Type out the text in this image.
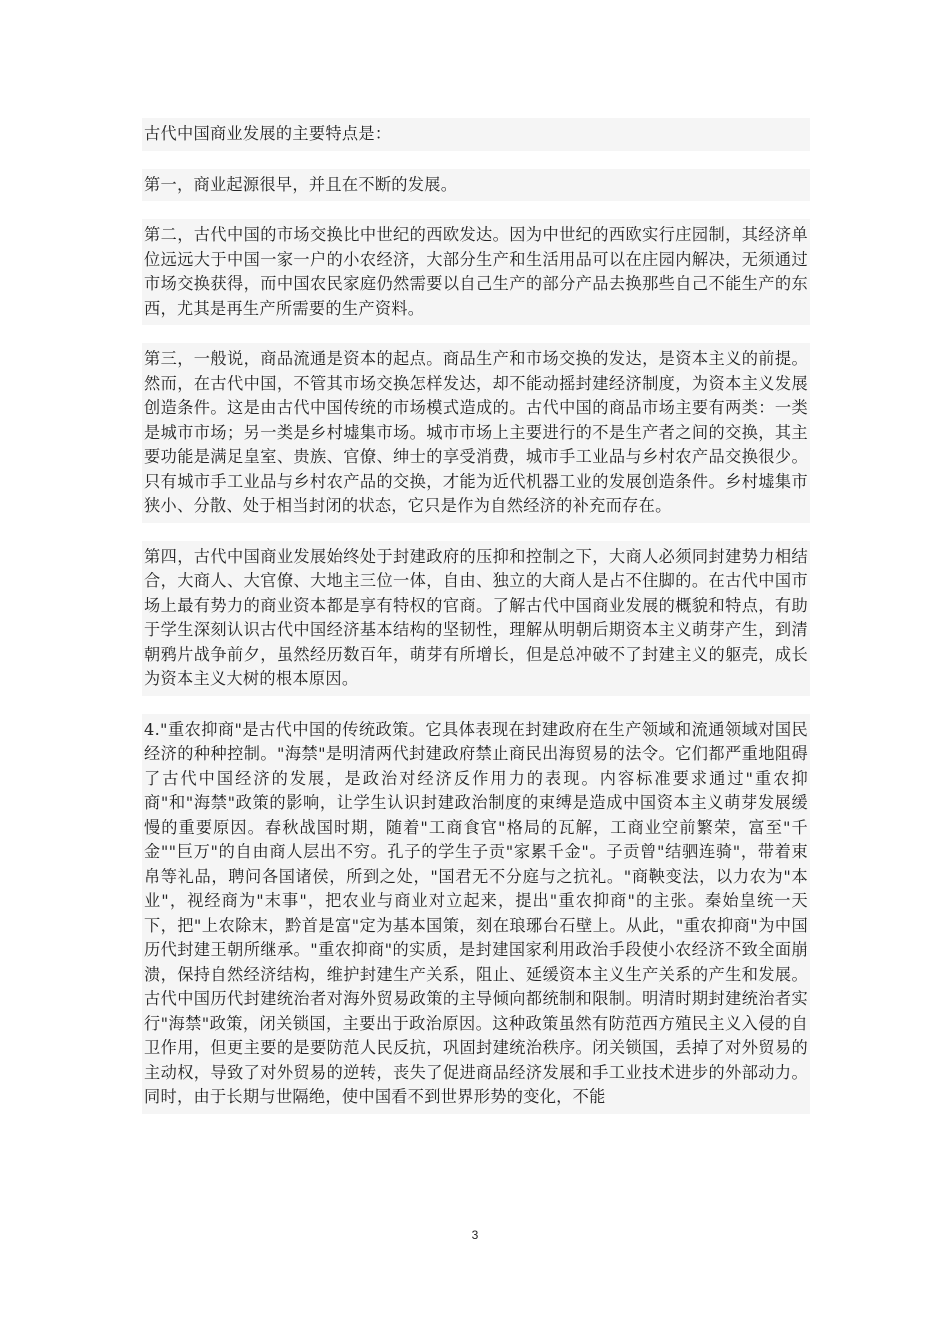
古代中国商业发展的主要特点是：

第一，商业起源很早，并且在不断的发展。

第二，古代中国的市场交换比中世纪的西欧发达。因为中世纪的西欧实行庄园制，其经济单位远远大于中国一家一户的小农经济，大部分生产和生活用品可以在庄园内解决，无须通过市场交换获得，而中国农民家庭仍然需要以自己生产的部分产品去换那些自己不能生产的东西，尤其是再生产所需要的生产资料。

第三，一般说，商品流通是资本的起点。商品生产和市场交换的发达，是资本主义的前提。然而，在古代中国，不管其市场交换怎样发达，却不能动摇封建经济制度，为资本主义发展创造条件。这是由古代中国传统的市场模式造成的。古代中国的商品市场主要有两类：一类是城市市场；另一类是乡村墟集市场。城市市场上主要进行的不是生产者之间的交换，其主要功能是满足皇室、贵族、官僚、绅士的享受消费，城市手工业品与乡村农产品交换很少。只有城市手工业品与乡村农产品的交换，才能为近代机器工业的发展创造条件。乡村墟集市狭小、分散、处于相当封闭的状态，它只是作为自然经济的补充而存在。

第四，古代中国商业发展始终处于封建政府的压抑和控制之下，大商人必须同封建势力相结合，大商人、大官僚、大地主三位一体，自由、独立的大商人是占不住脚的。在古代中国市场上最有势力的商业资本都是享有特权的官商。了解古代中国商业发展的概貌和特点，有助于学生深刻认识古代中国经济基本结构的坚韧性，理解从明朝后期资本主义萌芽产生，到清朝鸦片战争前夕，虽然经历数百年，萌芽有所增长，但是总冲破不了封建主义的躯壳，成长为资本主义大树的根本原因。

4."重农抑商"是古代中国的传统政策。它具体表现在封建政府在生产领域和流通领域对国民经济的种种控制。"海禁"是明清两代封建政府禁止商民出海贸易的法令。它们都严重地阻碍了古代中国经济的发展，是政治对经济反作用力的表现。内容标准要求通过"重农抑商"和"海禁"政策的影响，让学生认识封建政治制度的束缚是造成中国资本主义萌芽发展缓慢的重要原因。春秋战国时期，随着"工商食官"格局的瓦解，工商业空前繁荣，富至"千金""巨万"的自由商人层出不穷。孔子的学生子贡"家累千金"。子贡曾"结驷连骑"，带着束帛等礼品，聘问各国诸侯，所到之处，"国君无不分庭与之抗礼。"商鞅变法，以力农为"本业"，视经商为"末事"，把农业与商业对立起来，提出"重农抑商"的主张。秦始皇统一天下，把"上农除末，黔首是富"定为基本国策，刻在琅琊台石壁上。从此，"重农抑商"为中国历代封建王朝所继承。"重农抑商"的实质，是封建国家利用政治手段使小农经济不致全面崩溃，保持自然经济结构，维护封建生产关系，阻止、延缓资本主义生产关系的产生和发展。古代中国历代封建统治者对海外贸易政策的主导倾向都统制和限制。明清时期封建统治者实行"海禁"政策，闭关锁国，主要出于政治原因。这种政策虽然有防范西方殖民主义入侵的自卫作用，但更主要的是要防范人民反抗，巩固封建统治秩序。闭关锁国，丢掉了对外贸易的主动权，导致了对外贸易的逆转，丧失了促进商品经济发展和手工业技术进步的外部动力。同时，由于长期与世隔绝，使中国看不到世界形势的变化，不能

3
